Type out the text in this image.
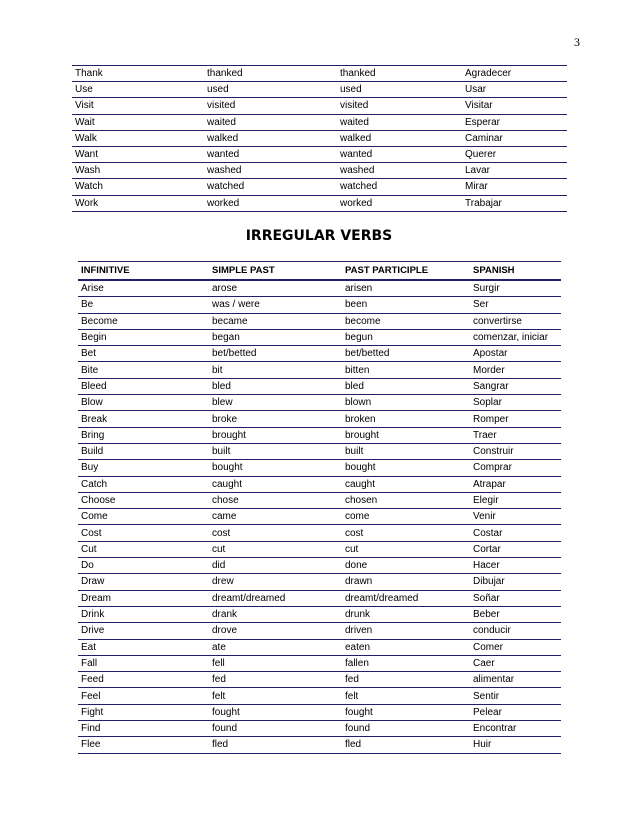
3
Thank	thanked	thanked	Agradecer
Use	used	used	Usar
Visit	visited	visited	Visitar
Wait	waited	waited	Esperar
Walk	walked	walked	Caminar
Want	wanted	wanted	Querer
Wash	washed	washed	Lavar
Watch	watched	watched	Mirar
Work	worked	worked	Trabajar
IRREGULAR VERBS
INFINITIVE	SIMPLE PAST	PAST PARTICIPLE	SPANISH
Arise	arose	arisen	Surgir
Be	was / were	been	Ser
Become	became	become	convertirse
Begin	began	begun	comenzar, iniciar
Bet	bet/betted	bet/betted	Apostar
Bite	bit	bitten	Morder
Bleed	bled	bled	Sangrar
Blow	blew	blown	Soplar
Break	broke	broken	Romper
Bring	brought	brought	Traer
Build	built	built	Construir
Buy	bought	bought	Comprar
Catch	caught	caught	Atrapar
Choose	chose	chosen	Elegir
Come	came	come	Venir
Cost	cost	cost	Costar
Cut	cut	cut	Cortar
Do	did	done	Hacer
Draw	drew	drawn	Dibujar
Dream	dreamt/dreamed	dreamt/dreamed	Soñar
Drink	drank	drunk	Beber
Drive	drove	driven	conducir
Eat	ate	eaten	Comer
Fall	fell	fallen	Caer
Feed	fed	fed	alimentar
Feel	felt	felt	Sentir
Fight	fought	fought	Pelear
Find	found	found	Encontrar
Flee	fled	fled	Huir
